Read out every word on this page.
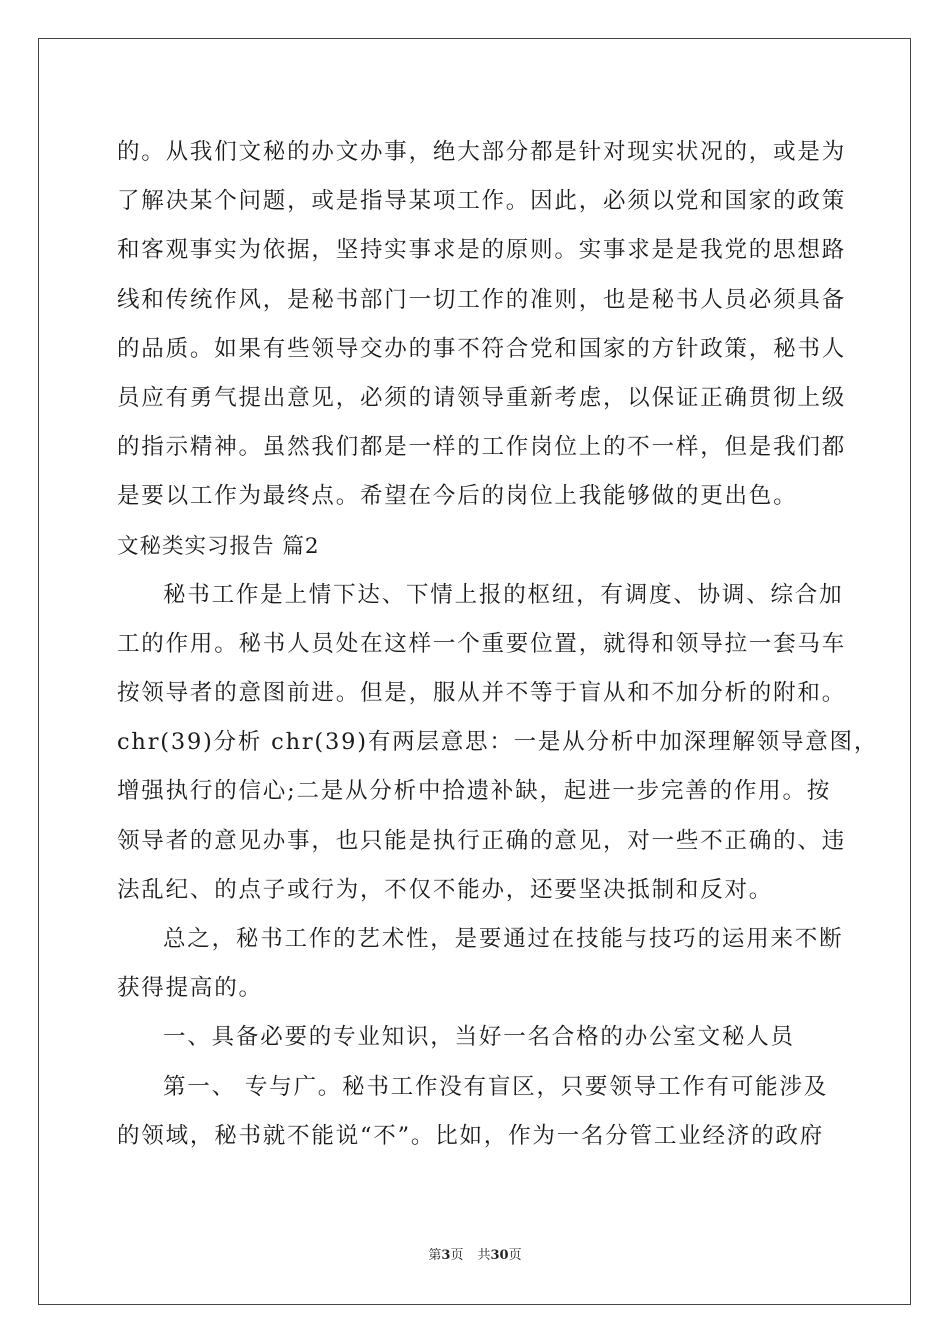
的。从我们文秘的办文办事，绝大部分都是针对现实状况的，或是为
了解决某个问题，或是指导某项工作。因此，必须以党和国家的政策
和客观事实为依据，坚持实事求是的原则。实事求是是我党的思想路
线和传统作风，是秘书部门一切工作的准则，也是秘书人员必须具备
的品质。如果有些领导交办的事不符合党和国家的方针政策，秘书人
员应有勇气提出意见，必须的请领导重新考虑，以保证正确贯彻上级
的指示精神。虽然我们都是一样的工作岗位上的不一样，但是我们都
是要以工作为最终点。希望在今后的岗位上我能够做的更出色。
文秘类实习报告 篇2
秘书工作是上情下达、下情上报的枢纽，有调度、协调、综合加
工的作用。秘书人员处在这样一个重要位置，就得和领导拉一套马车
按领导者的意图前进。但是，服从并不等于盲从和不加分析的附和。
chr(39)分析 chr(39)有两层意思：一是从分析中加深理解领导意图，
增强执行的信心;二是从分析中拾遗补缺，起进一步完善的作用。按
领导者的意见办事，也只能是执行正确的意见，对一些不正确的、违
法乱纪、的点子或行为，不仅不能办，还要坚决抵制和反对。
总之，秘书工作的艺术性，是要通过在技能与技巧的运用来不断
获得提高的。
一、具备必要的专业知识，当好一名合格的办公室文秘人员
第一、 专与广。秘书工作没有盲区，只要领导工作有可能涉及
的领域，秘书就不能说“不”。比如，作为一名分管工业经济的政府
第3页 共30页
